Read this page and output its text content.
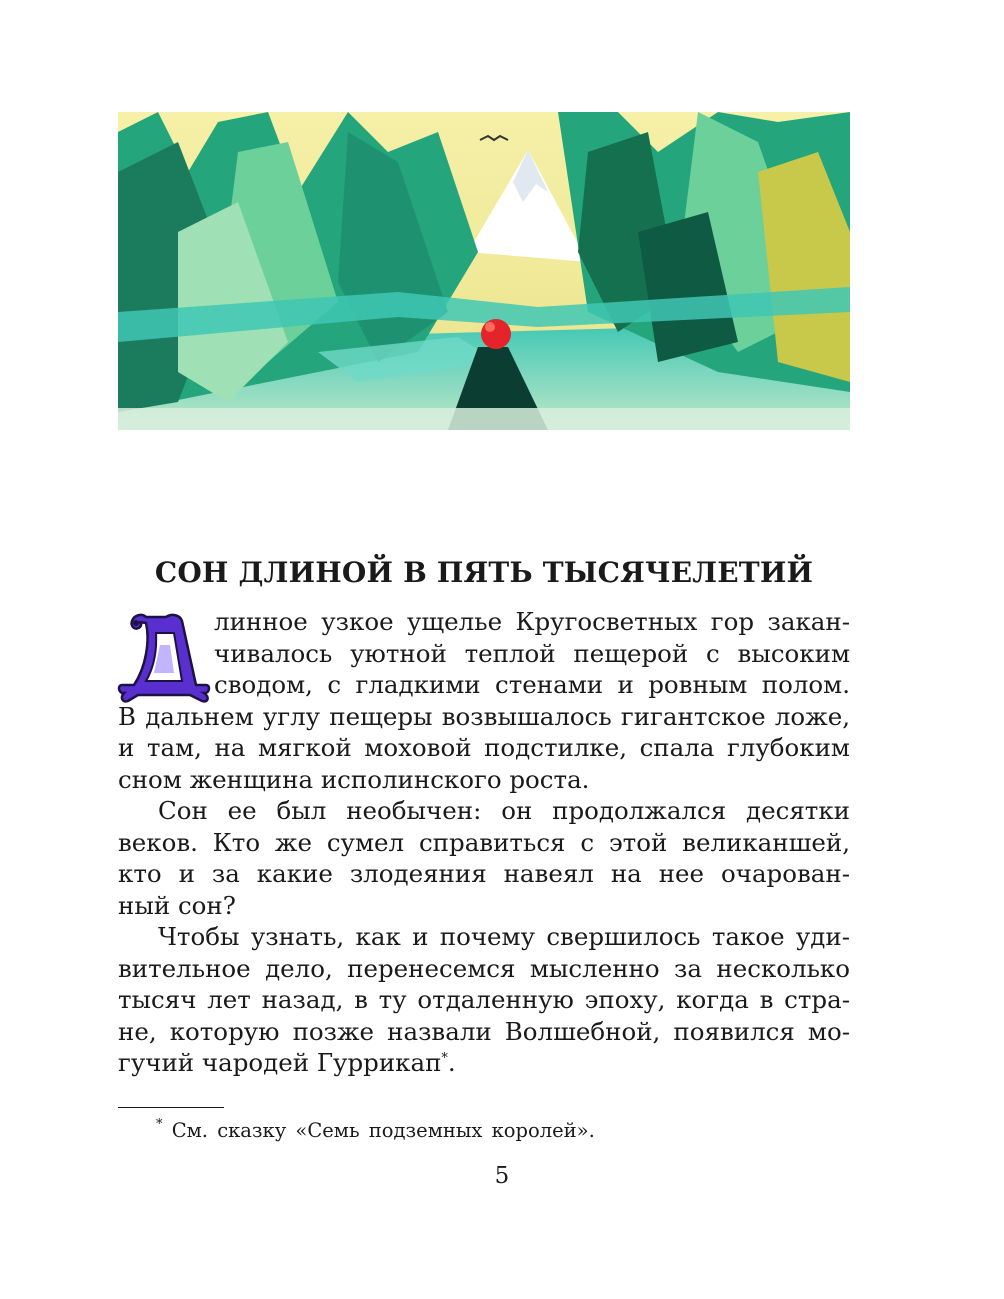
СОН ДЛИНОЙ В ПЯТЬ ТЫСЯЧЕЛЕТИЙ
линное узкое ущелье Кругосветных гор закан-
чивалось уютной теплой пещерой с высоким
сводом, с гладкими стенами и ровным полом.
В дальнем углу пещеры возвышалось гигантское ложе,
и там, на мягкой моховой подстилке, спала глубоким
сном женщина исполинского роста.
Сон ее был необычен: он продолжался десятки
веков. Кто же сумел справиться с этой великаншей,
кто и за какие злодеяния навеял на нее очарован-
ный сон?
Чтобы узнать, как и почему свершилось такое уди-
вительное дело, перенесемся мысленно за несколько
тысяч лет назад, в ту отдаленную эпоху, когда в стра-
не, которую позже назвали Волшебной, появился мо-
гучий чародей Гуррикап*.
* См. сказку «Семь подземных королей».
5
